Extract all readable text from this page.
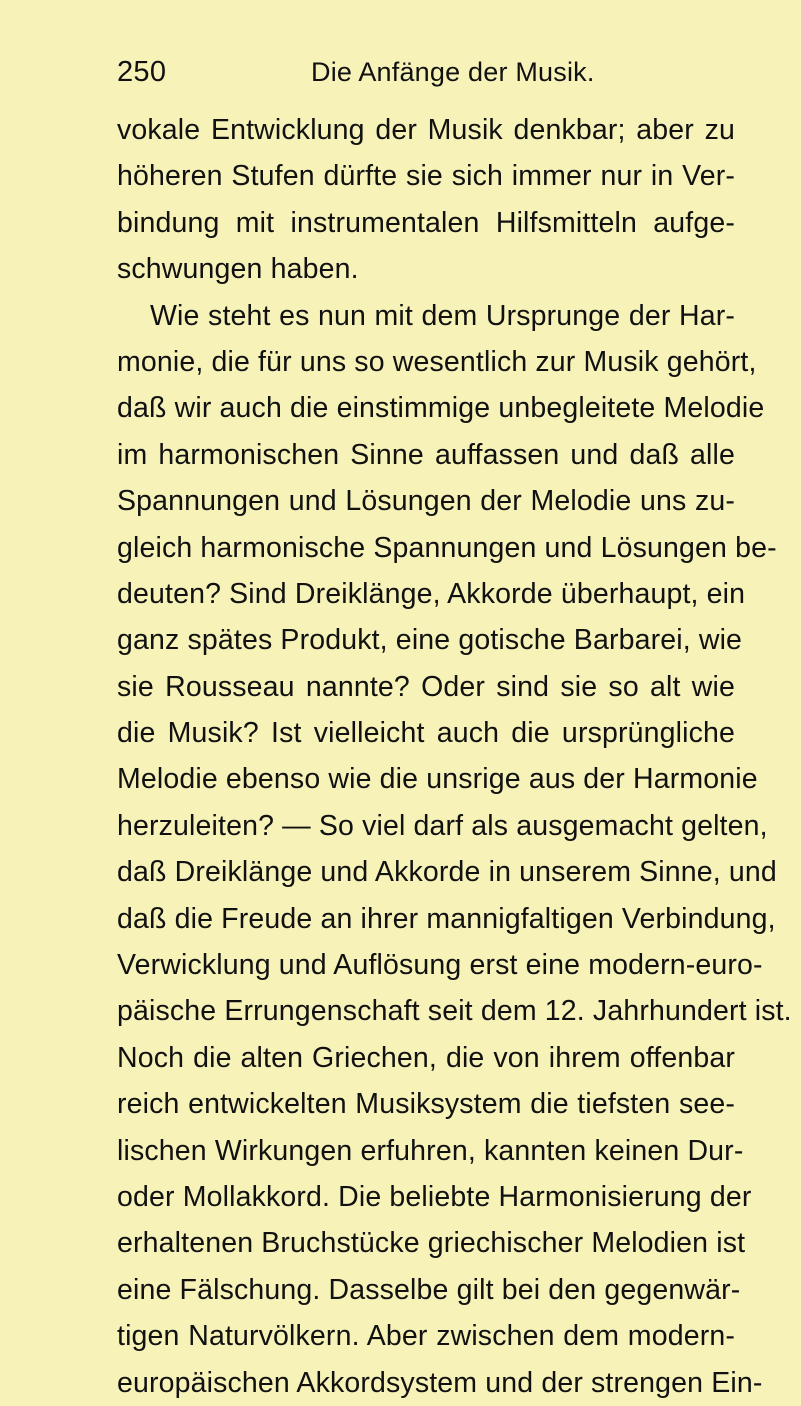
250	Die Anfänge der Musik.
vokale Entwicklung der Musik denkbar; aber zu
höheren Stufen dürfte sie sich immer nur in Ver-
bindung mit instrumentalen Hilfsmitteln aufge-
schwungen haben.
Wie steht es nun mit dem Ursprunge der Har-
monie, die für uns so wesentlich zur Musik gehört,
daß wir auch die einstimmige unbegleitete Melodie
im harmonischen Sinne auffassen und daß alle
Spannungen und Lösungen der Melodie uns zu-
gleich harmonische Spannungen und Lösungen be-
deuten? Sind Dreiklänge, Akkorde überhaupt, ein
ganz spätes Produkt, eine gotische Barbarei, wie
sie Rousseau nannte? Oder sind sie so alt wie
die Musik? Ist vielleicht auch die ursprüngliche
Melodie ebenso wie die unsrige aus der Harmonie
herzuleiten? — So viel darf als ausgemacht gelten,
daß Dreiklänge und Akkorde in unserem Sinne, und
daß die Freude an ihrer mannigfaltigen Verbindung,
Verwicklung und Auflösung erst eine modern-euro-
päische Errungenschaft seit dem 12. Jahrhundert ist.
Noch die alten Griechen, die von ihrem offenbar
reich entwickelten Musiksystem die tiefsten see-
lischen Wirkungen erfuhren, kannten keinen Dur-
oder Mollakkord. Die beliebte Harmonisierung der
erhaltenen Bruchstücke griechischer Melodien ist
eine Fälschung. Dasselbe gilt bei den gegenwär-
tigen Naturvölkern. Aber zwischen dem modern-
europäischen Akkordsystem und der strengen Ein-
